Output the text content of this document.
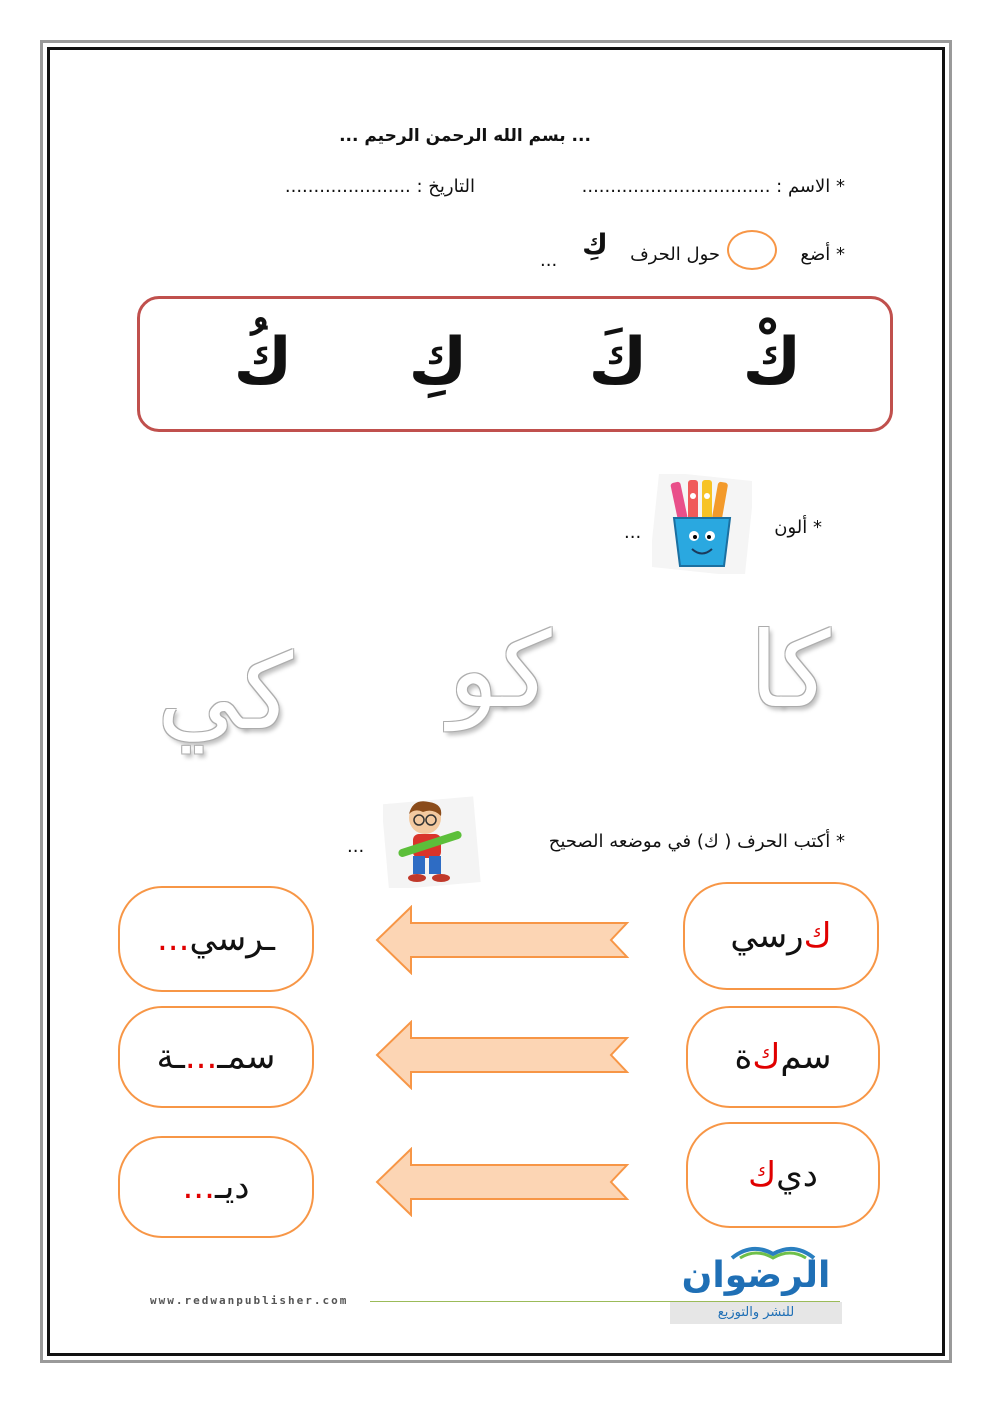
... بسم الله الرحمن الرحيم ...
* الاسم : .................................
التاريخ : ......................
* أضع
حول الحرف
كِ
...
كْ
كَ
كِ
كُ
* ألون
...
كا
كو
كي
* أكتب الحرف ( ك) في موضعه الصحيح
...
ك
رسي
ـرسي
...
سم
ك
ة
سمـ
...
ـة
دي
ك
ديـ
...
www.redwanpublisher.com
الرضوان
للنشر والتوزيع
